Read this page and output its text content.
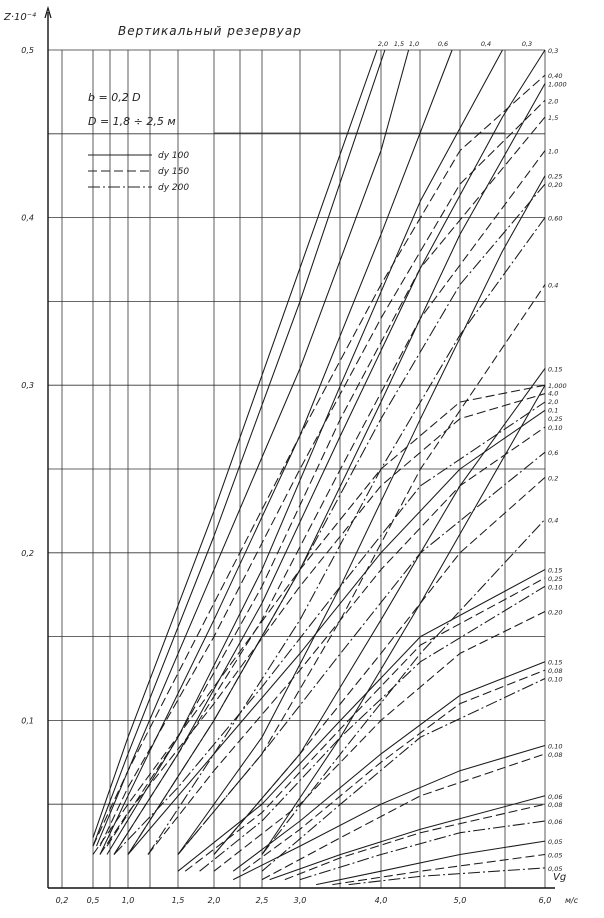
0,1
0,2
0,3
0,4
0,5
0,2 0,5	1,0	1,5	2,0	2,5	3,0	4,0	5,0	6,0
0,3
1,000
0,25
0,40
2,0
1,5
1,0
0,20
0,60
0,4
0,15
1,000
4,0
2,0
0,1
0,25
0,10
0,6
0,2
0,4
0,15
0,25
0,10
0,20
0,15
0,08
0,10
0,10
0,08
0,06
0,08
0,06
0,05
0,05
0,05
2,0 1,5 1,0	0,6	0,4	0,3
Вертикальный резервуар
Z·10⁻⁴
Vg
м/с
b = 0,2 D
D = 1,8 ÷ 2,5 м
dу 100
dу 150
dу 200
